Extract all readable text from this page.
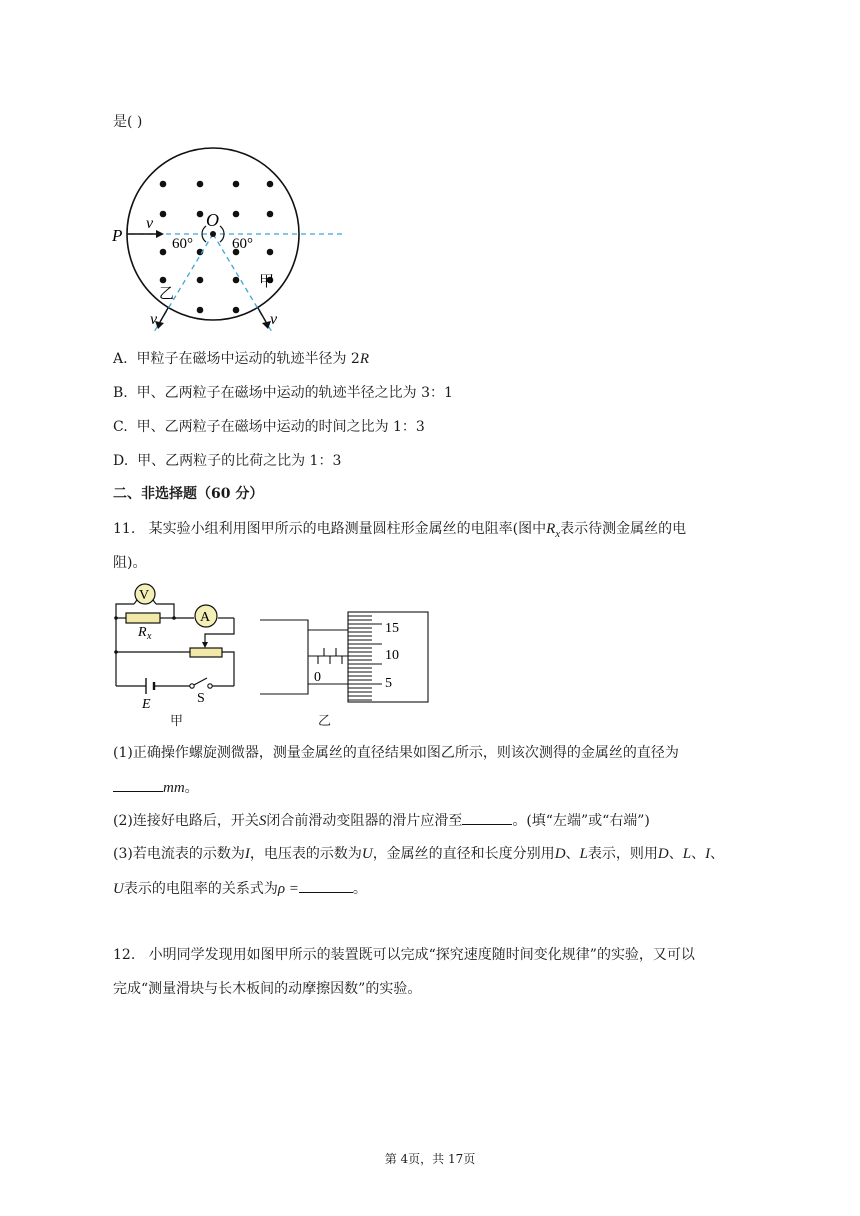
是( )
P
v	O
60°	60°
乙
甲
v	v
A. 甲粒子在磁场中运动的轨迹半径为 2R
B. 甲、乙两粒子在磁场中运动的轨迹半径之比为 3：1
C. 甲、乙两粒子在磁场中运动的时间之比为 1：3
D. 甲、乙两粒子的比荷之比为 1：3
二、非选择题（60 分）
11. 某实验小组利用图甲所示的电路测量圆柱形金属丝的电阻率(图中$R_x$表示待测金属丝的电
阻)。
V
R x
A
E	S
甲
15
10
5
0
乙
(1)正确操作螺旋测微器，测量金属丝的直径结果如图乙所示，则该次测得的金属丝的直径为
mm。
(2)连接好电路后，开关S闭合前滑动变阻器的滑片应滑至	。(填“左端”或“右端”)
(3)若电流表的示数为I，电压表的示数为U，金属丝的直径和长度分别用D、L表示，则用D、L、I、
U表示的电阻率的关系式为ρ =	。
12. 小明同学发现用如图甲所示的装置既可以完成“探究速度随时间变化规律”的实验，又可以
完成“测量滑块与长木板间的动摩擦因数”的实验。
第 4页，共 17页
